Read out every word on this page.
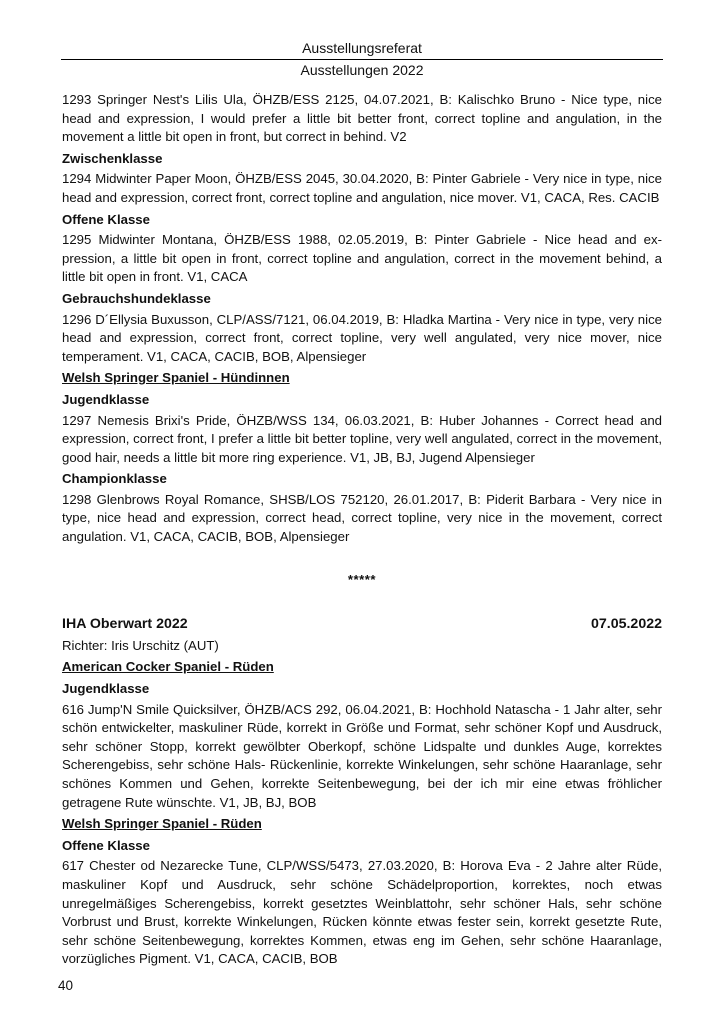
Ausstellungsreferat
Ausstellungen 2022

1293 Springer Nest's Lilis Ula, ÖHZB/ESS 2125, 04.07.2021, B: Kalischko Bruno - Nice type, nice head and expression, I would prefer a little bit better front, correct topline and angulation, in the movement a little bit open in front, but correct in behind. V2

Zwischenklasse

1294 Midwinter Paper Moon, ÖHZB/ESS 2045, 30.04.2020, B: Pinter Gabriele - Very nice in type, nice head and expression, correct front, correct topline and angulation, nice mover. V1, CACA, Res. CACIB

Offene Klasse

1295 Midwinter Montana, ÖHZB/ESS 1988, 02.05.2019, B: Pinter Gabriele - Nice head and expression, a little bit open in front, correct topline and angulation, correct in the movement behind, a little bit open in front. V1, CACA

Gebrauchshundeklasse

1296 D´Ellysia Buxusson, CLP/ASS/7121, 06.04.2019, B: Hladka Martina - Very nice in type, very nice head and expression, correct front, correct topline, very well angulated, very nice mover, nice temperament. V1, CACA, CACIB, BOB, Alpensieger

Welsh Springer Spaniel - Hündinnen

Jugendklasse

1297 Nemesis Brixi's Pride, ÖHZB/WSS 134, 06.03.2021, B: Huber Johannes - Correct head and expression, correct front, I prefer a little bit better topline, very well angulated, correct in the movement, good hair, needs a little bit more ring experience. V1, JB, BJ, Jugend Alpensieger

Championklasse

1298 Glenbrows Royal Romance, SHSB/LOS 752120, 26.01.2017, B: Piderit Barbara - Very nice in type, nice head and expression, correct head, correct topline, very nice in the movement, correct angulation. V1, CACA, CACIB, BOB, Alpensieger

*****

IHA Oberwart 2022	07.05.2022

Richter: Iris Urschitz (AUT)

American Cocker Spaniel - Rüden

Jugendklasse

616 Jump'N Smile Quicksilver, ÖHZB/ACS 292, 06.04.2021, B: Hochhold Natascha - 1 Jahr alter, sehr schön entwickelter, maskuliner Rüde, korrekt in Größe und Format, sehr schöner Kopf und Ausdruck, sehr schöner Stopp, korrekt gewölbter Oberkopf, schöne Lidspalte und dunkles Auge, korrektes Scherengebiss, sehr schöne Hals- Rückenlinie, korrekte Winkelungen, sehr schöne Haaranlage, sehr schönes Kommen und Gehen, korrekte Seitenbewegung, bei der ich mir eine etwas fröhlicher getragene Rute wünschte. V1, JB, BJ, BOB

Welsh Springer Spaniel - Rüden

Offene Klasse

617 Chester od Nezarecke Tune, CLP/WSS/5473, 27.03.2020, B: Horova Eva - 2 Jahre alter Rüde, maskuliner Kopf und Ausdruck, sehr schöne Schädelproportion, korrektes, noch etwas unregelmäßiges Scherengebiss, korrekt gesetztes Weinblattohr, sehr schöner Hals, sehr schöne Vorbrust und Brust, korrekte Winkelungen, Rücken könnte etwas fester sein, korrekt gesetzte Rute, sehr schöne Seitenbewegung, korrektes Kommen, etwas eng im Gehen, sehr schöne Haaranlage, vorzügliches Pigment. V1, CACA, CACIB, BOB

40
